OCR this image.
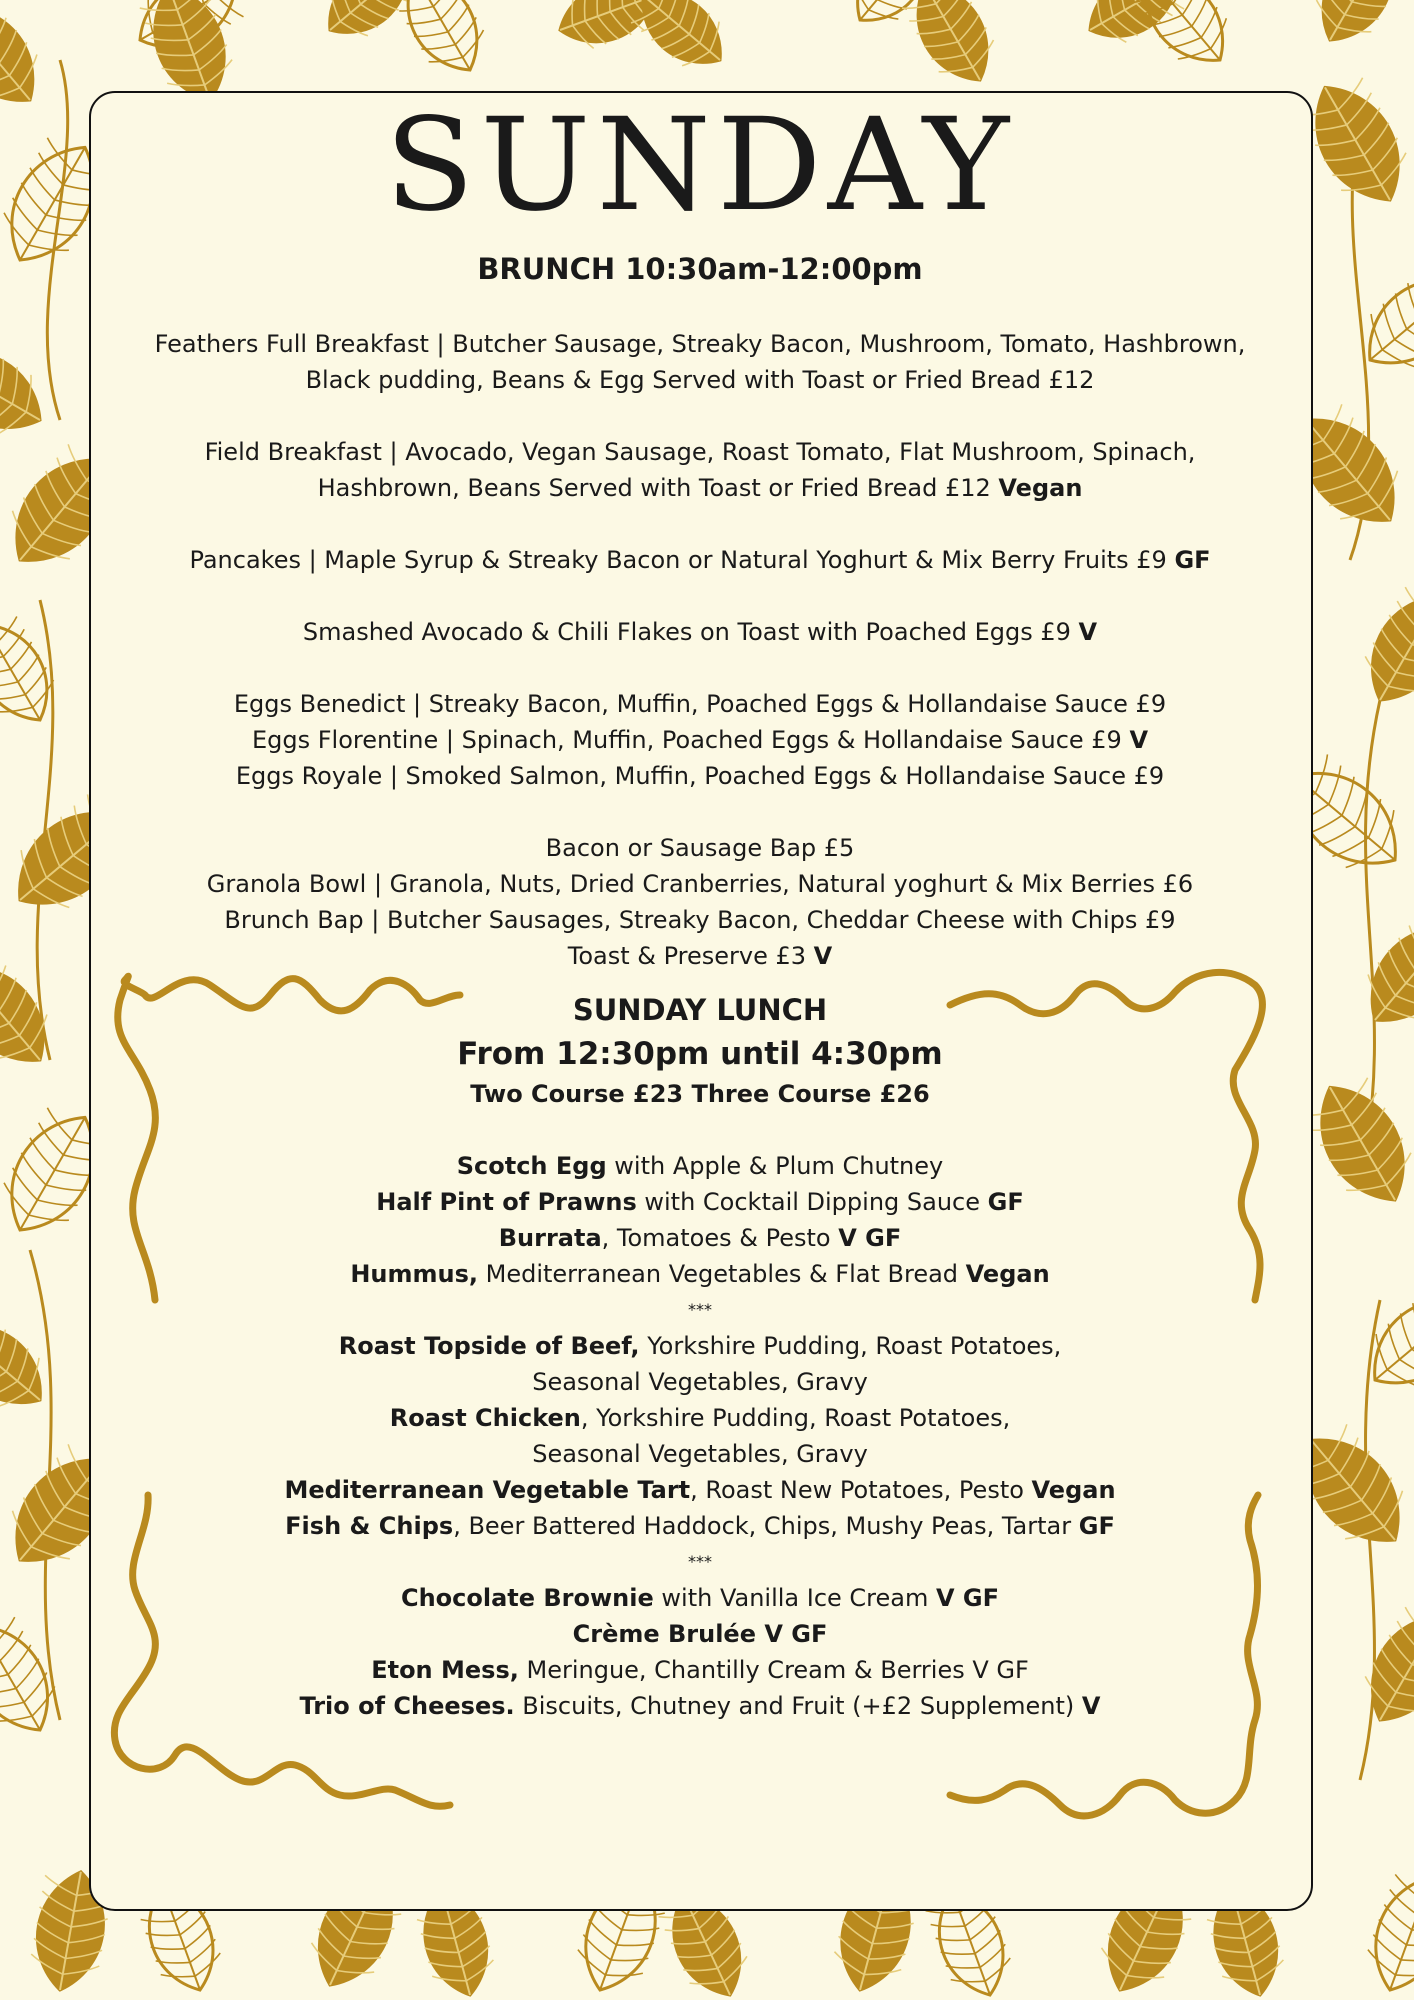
SUNDAY
BRUNCH 10:30am-12:00pm
Feathers Full Breakfast | Butcher Sausage, Streaky Bacon, Mushroom, Tomato, Hashbrown,
Black pudding, Beans & Egg Served with Toast or Fried Bread £12
Field Breakfast | Avocado, Vegan Sausage, Roast Tomato, Flat Mushroom, Spinach,
Hashbrown, Beans Served with Toast or Fried Bread £12 Vegan
Pancakes | Maple Syrup & Streaky Bacon or Natural Yoghurt & Mix Berry Fruits £9 GF
Smashed Avocado & Chili Flakes on Toast with Poached Eggs £9 V
Eggs Benedict | Streaky Bacon, Muffin, Poached Eggs & Hollandaise Sauce £9
Eggs Florentine | Spinach, Muffin, Poached Eggs & Hollandaise Sauce £9 V
Eggs Royale | Smoked Salmon, Muffin, Poached Eggs & Hollandaise Sauce £9
Bacon or Sausage Bap £5
Granola Bowl | Granola, Nuts, Dried Cranberries, Natural yoghurt & Mix Berries £6
Brunch Bap | Butcher Sausages, Streaky Bacon, Cheddar Cheese with Chips £9
Toast & Preserve £3 V
SUNDAY LUNCH
From 12:30pm until 4:30pm
Two Course £23 Three Course £26
Scotch Egg with Apple & Plum Chutney
Half Pint of Prawns with Cocktail Dipping Sauce GF
Burrata, Tomatoes & Pesto V GF
Hummus, Mediterranean Vegetables & Flat Bread Vegan
***
Roast Topside of Beef, Yorkshire Pudding, Roast Potatoes,
Seasonal Vegetables, Gravy
Roast Chicken, Yorkshire Pudding, Roast Potatoes,
Seasonal Vegetables, Gravy
Mediterranean Vegetable Tart, Roast New Potatoes, Pesto Vegan
Fish & Chips, Beer Battered Haddock, Chips, Mushy Peas, Tartar GF
***
Chocolate Brownie with Vanilla Ice Cream V GF
Crème Brulée V GF
Eton Mess, Meringue, Chantilly Cream & Berries V GF
Trio of Cheeses. Biscuits, Chutney and Fruit (+£2 Supplement) V
